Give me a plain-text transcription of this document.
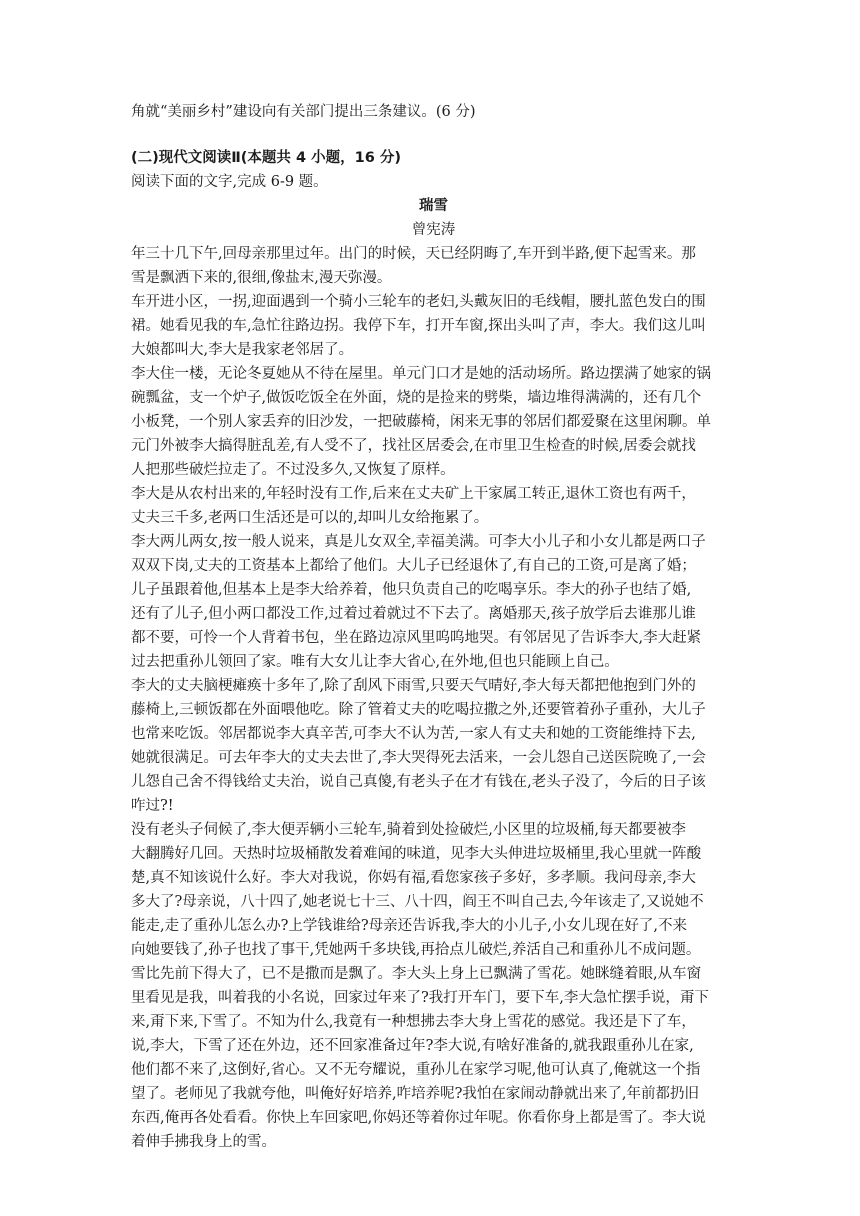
角就“美丽乡村”建设向有关部门提出三条建议。(6 分)

(二)现代文阅读Ⅱ(本题共 4 小题，16 分)

阅读下面的文字,完成 6-9 题。

瑞雪
曾宪涛

年三十几下午,回母亲那里过年。出门的时候，天已经阴晦了,车开到半路,便下起雪来。那

雪是飘洒下来的,很细,像盐末,漫天弥漫。

车开进小区，一拐,迎面遇到一个骑小三轮车的老妇,头戴灰旧的毛线帽，腰扎蓝色发白的围

裙。她看见我的车,急忙往路边拐。我停下车，打开车窗,探出头叫了声，李大。我们这儿叫

大娘都叫大,李大是我家老邻居了。

李大住一楼，无论冬夏她从不待在屋里。单元门口才是她的活动场所。路边摆满了她家的锅

碗瓢盆，支一个炉子,做饭吃饭全在外面，烧的是捡来的劈柴，墙边堆得满满的，还有几个

小板凳，一个别人家丢弃的旧沙发，一把破藤椅，闲来无事的邻居们都爱聚在这里闲聊。单

元门外被李大搞得脏乱差,有人受不了，找社区居委会,在市里卫生检查的时候,居委会就找

人把那些破烂拉走了。不过没多久,又恢复了原样。

李大是从农村出来的,年轻时没有工作,后来在丈夫矿上干家属工转正,退休工资也有两千，

丈夫三千多,老两口生活还是可以的,却叫儿女给拖累了。

李大两儿两女,按一般人说来，真是儿女双全,幸福美满。可李大小儿子和小女儿都是两口子

双双下岗,丈夫的工资基本上都给了他们。大儿子已经退休了,有自己的工资,可是离了婚；

儿子虽跟着他,但基本上是李大给养着，他只负责自己的吃喝享乐。李大的孙子也结了婚,

还有了儿子,但小两口都没工作,过着过着就过不下去了。离婚那天,孩子放学后去谁那儿谁

都不要，可怜一个人背着书包，坐在路边凉风里呜呜地哭。有邻居见了告诉李大,李大赶紧

过去把重孙儿领回了家。唯有大女儿让李大省心,在外地,但也只能顾上自己。

李大的丈夫脑梗瘫痪十多年了,除了刮风下雨雪,只要天气晴好,李大每天都把他抱到门外的

藤椅上,三顿饭都在外面喂他吃。除了管着丈夫的吃喝拉撒之外,还要管着孙子重孙，大儿子

也常来吃饭。邻居都说李大真辛苦,可李大不认为苦,一家人有丈夫和她的工资能维持下去,

她就很满足。可去年李大的丈夫去世了,李大哭得死去活来，一会儿怨自己送医院晚了,一会

儿怨自己舍不得钱给丈夫治，说自己真傻,有老头子在才有钱在,老头子没了，今后的日子该

咋过?!

没有老头子伺候了,李大便弄辆小三轮车,骑着到处捡破烂,小区里的垃圾桶,每天都要被李

大翻腾好几回。天热时垃圾桶散发着难闻的味道，见李大头伸进垃圾桶里,我心里就一阵酸

楚,真不知该说什么好。李大对我说，你妈有福,看您家孩子多好，多孝顺。我问母亲,李大

多大了?母亲说，八十四了,她老说七十三、八十四，阎王不叫自己去,今年该走了,又说她不

能走,走了重孙儿怎么办?上学钱谁给?母亲还告诉我,李大的小儿子,小女儿现在好了,不来

向她要钱了,孙子也找了事干,凭她两千多块钱,再拾点儿破烂,养活自己和重孙儿不成问题。

雪比先前下得大了，已不是撒而是飘了。李大头上身上已飘满了雪花。她眯缝着眼,从车窗

里看见是我，叫着我的小名说，回家过年来了?我打开车门，要下车,李大急忙摆手说，甭下

来,甭下来,下雪了。不知为什么,我竟有一种想拂去李大身上雪花的感觉。我还是下了车，

说,李大，下雪了还在外边，还不回家准备过年?李大说,有啥好准备的,就我跟重孙儿在家,

他们都不来了,这倒好,省心。又不无夸耀说，重孙儿在家学习呢,他可认真了,俺就这一个指

望了。老师见了我就夸他，叫俺好好培养,咋培养呢?我怕在家闹动静就出来了,年前都扔旧

东西,俺再各处看看。你快上车回家吧,你妈还等着你过年呢。你看你身上都是雪了。李大说

着伸手拂我身上的雪。
